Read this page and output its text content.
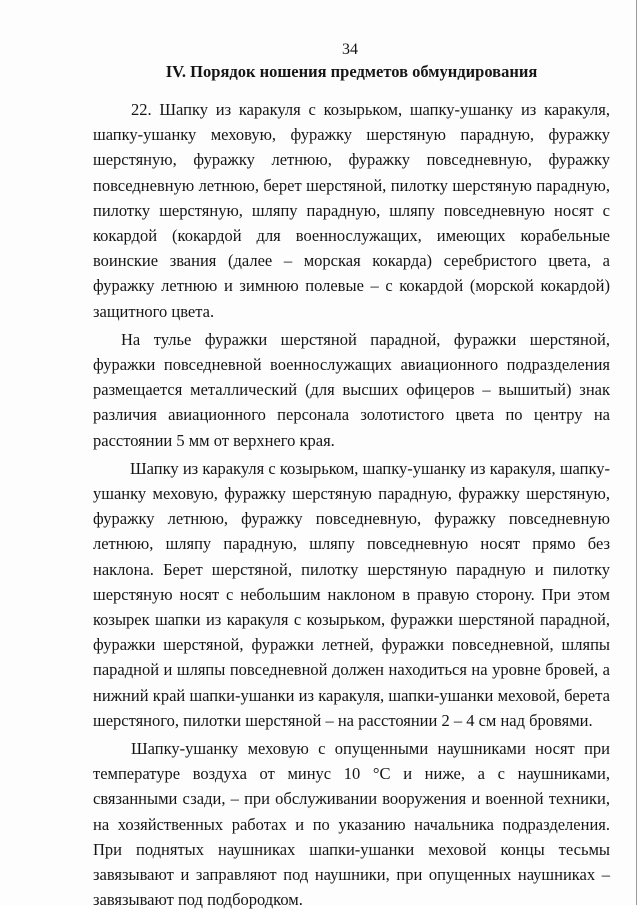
34
IV. Порядок ношения предметов обмундирования

22. Шапку из каракуля с козырьком, шапку-ушанку из каракуля, шапку-ушанку меховую, фуражку шерстяную парадную, фуражку шерстяную, фуражку летнюю, фуражку повседневную, фуражку повседневную летнюю, берет шерстяной, пилотку шерстяную парадную, пилотку шерстяную, шляпу парадную, шляпу повседневную носят с кокардой (кокардой для военнослужащих, имеющих корабельные воинские звания (далее – морская кокарда) серебристого цвета, а фуражку летнюю и зимнюю полевые – с кокардой (морской кокардой) защитного цвета.

На тулье фуражки шерстяной парадной, фуражки шерстяной, фуражки повседневной военнослужащих авиационного подразделения размещается металлический (для высших офицеров – вышитый) знак различия авиационного персонала золотистого цвета по центру на расстоянии 5 мм от верхнего края.

Шапку из каракуля с козырьком, шапку-ушанку из каракуля, шапку-ушанку меховую, фуражку шерстяную парадную, фуражку шерстяную, фуражку летнюю, фуражку повседневную, фуражку повседневную летнюю, шляпу парадную, шляпу повседневную носят прямо без наклона. Берет шерстяной, пилотку шерстяную парадную и пилотку шерстяную носят с небольшим наклоном в правую сторону. При этом козырек шапки из каракуля с козырьком, фуражки шерстяной парадной, фуражки шерстяной, фуражки летней, фуражки повседневной, шляпы парадной и шляпы повседневной должен находиться на уровне бровей, а нижний край шапки-ушанки из каракуля, шапки-ушанки меховой, берета шерстяного, пилотки шерстяной – на расстоянии 2 – 4 см над бровями.

Шапку-ушанку меховую с опущенными наушниками носят при температуре воздуха от минус 10 °С и ниже, а с наушниками, связанными сзади, – при обслуживании вооружения и военной техники, на хозяйственных работах и по указанию начальника подразделения. При поднятых наушниках шапки-ушанки меховой концы тесьмы завязывают и заправляют под наушники, при опущенных наушниках – завязывают под подбородком.
